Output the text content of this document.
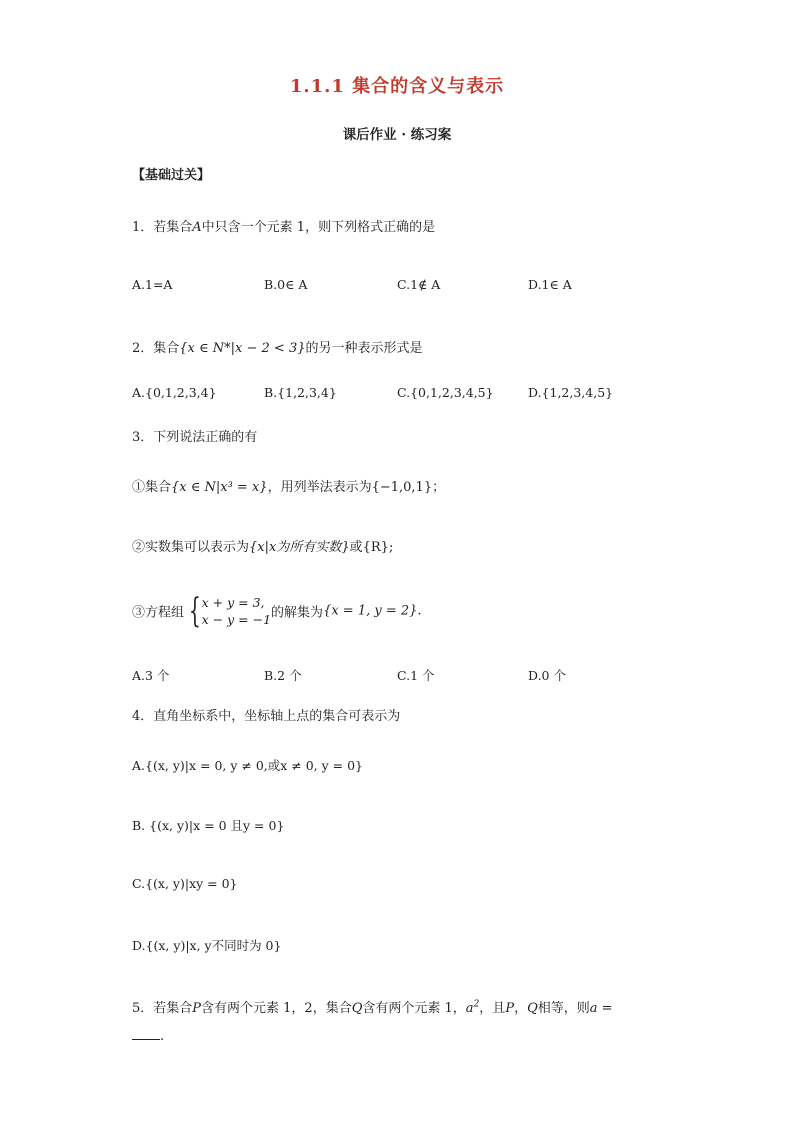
1.1.1 集合的含义与表示
课后作业 · 练习案
【基础过关】
1．若集合A中只含一个元素 1，则下列格式正确的是
A.1=A	B.0∈ A	C.1∉ A	D.1∈ A
2．集合{x ∈ N*|x − 2 < 3}的另一种表示形式是
A.{0,1,2,3,4}	B.{1,2,3,4}	C.{0,1,2,3,4,5}	D.{1,2,3,4,5}
3．下列说法正确的有
①集合{x ∈ N|x³ = x}，用列举法表示为{−1,0,1}；
②实数集可以表示为{x|x为所有实数}或{R};
③方程组 {x + y = 3,
x − y = −1的解集为{x = 1, y = 2}.
A.3 个	B.2 个	C.1 个	D.0 个
4．直角坐标系中，坐标轴上点的集合可表示为
A.{(x, y)|x = 0, y ≠ 0,或x ≠ 0, y = 0}
B. {(x, y)|x = 0 且y = 0}
C.{(x, y)|xy = 0}
D.{(x, y)|x, y不同时为 0}
5．若集合P含有两个元素 1，2，集合Q含有两个元素 1，$a^2$，且P，Q相等，则a =
.
